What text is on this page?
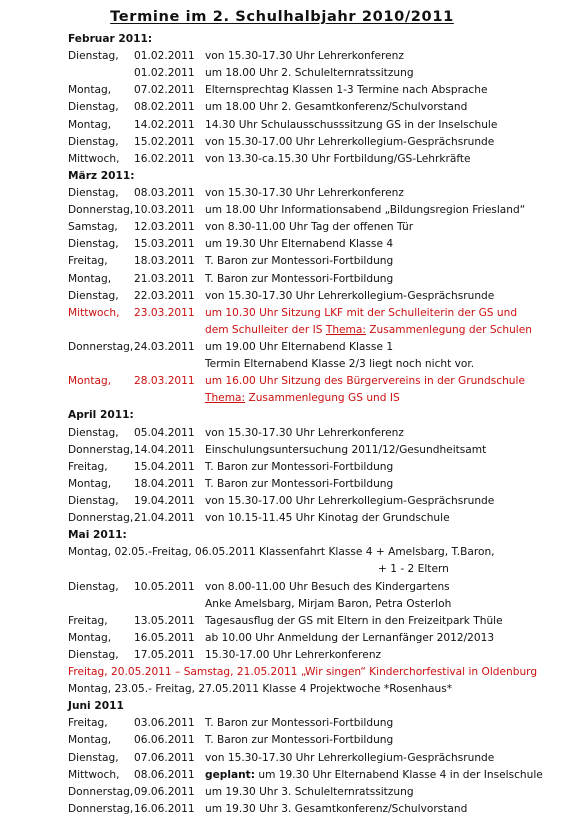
Termine im 2. Schulhalbjahr 2010/2011
Februar 2011:
Dienstag, 01.02.2011 von 15.30-17.30 Uhr Lehrerkonferenz
01.02.2011 um 18.00 Uhr 2. Schulelternratssitzung
Montag, 07.02.2011 Elternsprechtag Klassen 1-3 Termine nach Absprache
Dienstag, 08.02.2011 um 18.00 Uhr 2. Gesamtkonferenz/Schulvorstand
Montag, 14.02.2011 14.30 Uhr Schulausschusssitzung GS in der Inselschule
Dienstag, 15.02.2011 von 15.30-17.00 Uhr Lehrerkollegium-Gesprächsrunde
Mittwoch, 16.02.2011 von 13.30-ca.15.30 Uhr Fortbildung/GS-Lehrkräfte
März 2011:
Dienstag, 08.03.2011 von 15.30-17.30 Uhr Lehrerkonferenz
Donnerstag, 10.03.2011 um 18.00 Uhr Informationsabend „Bildungsregion Friesland“
Samstag, 12.03.2011 von 8.30-11.00 Uhr Tag der offenen Tür
Dienstag, 15.03.2011 um 19.30 Uhr Elternabend Klasse 4
Freitag, 18.03.2011 T. Baron zur Montessori-Fortbildung
Montag, 21.03.2011 T. Baron zur Montessori-Fortbildung
Dienstag, 22.03.2011 von 15.30-17.30 Uhr Lehrerkollegium-Gesprächsrunde
Mittwoch, 23.03.2011 um 10.30 Uhr Sitzung LKF mit der Schulleiterin der GS und
dem Schulleiter der IS Thema: Zusammenlegung der Schulen
Donnerstag, 24.03.2011 um 19.00 Uhr Elternabend Klasse 1
Termin Elternabend Klasse 2/3 liegt noch nicht vor.
Montag, 28.03.2011 um 16.00 Uhr Sitzung des Bürgervereins in der Grundschule
Thema: Zusammenlegung GS und IS
April 2011:
Dienstag, 05.04.2011 von 15.30-17.30 Uhr Lehrerkonferenz
Donnerstag, 14.04.2011 Einschulungsuntersuchung 2011/12/Gesundheitsamt
Freitag, 15.04.2011 T. Baron zur Montessori-Fortbildung
Montag, 18.04.2011 T. Baron zur Montessori-Fortbildung
Dienstag, 19.04.2011 von 15.30-17.00 Uhr Lehrerkollegium-Gesprächsrunde
Donnerstag, 21.04.2011 von 10.15-11.45 Uhr Kinotag der Grundschule
Mai 2011:
Montag, 02.05.-Freitag, 06.05.2011 Klassenfahrt Klasse 4 + Amelsbarg, T.Baron,
+ 1 - 2 Eltern
Dienstag, 10.05.2011 von 8.00-11.00 Uhr Besuch des Kindergartens
Anke Amelsbarg, Mirjam Baron, Petra Osterloh
Freitag, 13.05.2011 Tagesausflug der GS mit Eltern in den Freizeitpark Thüle
Montag, 16.05.2011 ab 10.00 Uhr Anmeldung der Lernanfänger 2012/2013
Dienstag, 17.05.2011 15.30-17.00 Uhr Lehrerkonferenz
Freitag, 20.05.2011 – Samstag, 21.05.2011 „Wir singen“ Kinderchorfestival in Oldenburg
Montag, 23.05.- Freitag, 27.05.2011 Klasse 4 Projektwoche *Rosenhaus*
Juni 2011
Freitag, 03.06.2011 T. Baron zur Montessori-Fortbildung
Montag, 06.06.2011 T. Baron zur Montessori-Fortbildung
Dienstag, 07.06.2011 von 15.30-17.30 Uhr Lehrerkollegium-Gesprächsrunde
Mittwoch, 08.06.2011 geplant: um 19.30 Uhr Elternabend Klasse 4 in der Inselschule
Donnerstag, 09.06.2011 um 19.30 Uhr 3. Schulelternratssitzung
Donnerstag, 16.06.2011 um 19.30 Uhr 3. Gesamtkonferenz/Schulvorstand
